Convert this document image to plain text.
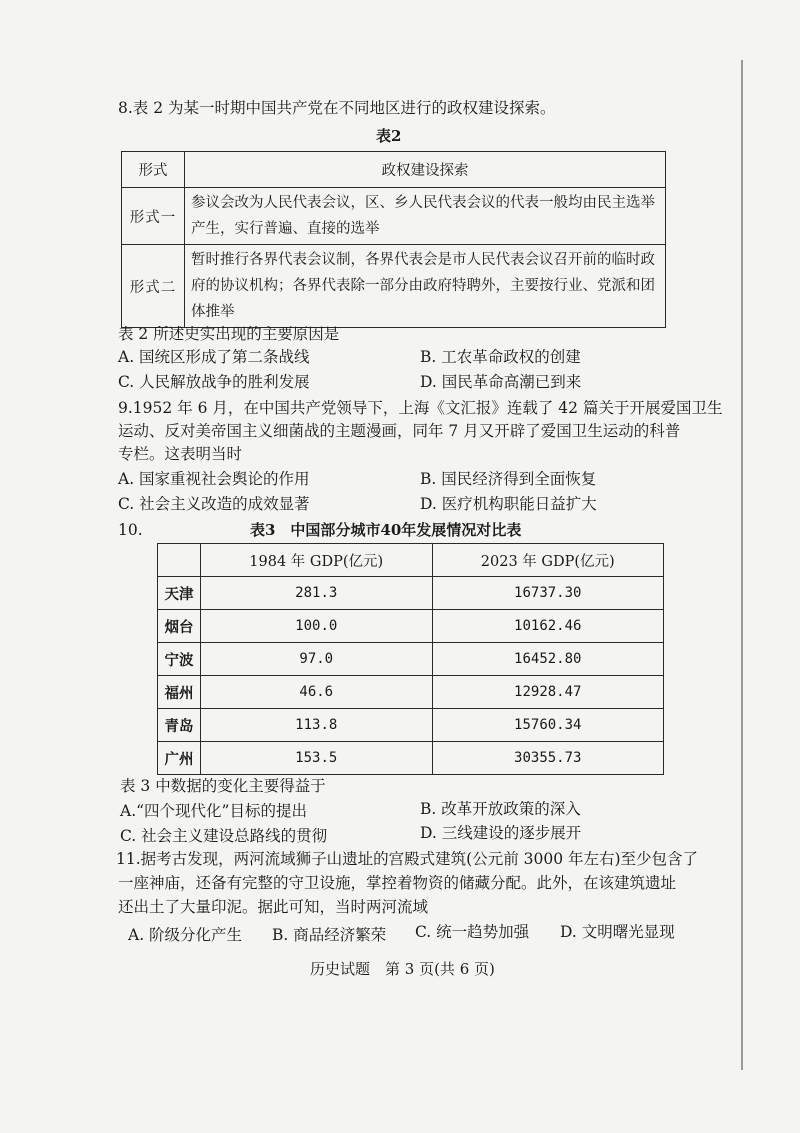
8.表 2 为某一时期中国共产党在不同地区进行的政权建设探索。
表2
形式	政权建设探索
形式一	参议会改为人民代表会议，区、乡人民代表会议的代表一般均由民主选举产生，实行普遍、直接的选举
形式二	暂时推行各界代表会议制，各界代表会是市人民代表会议召开前的临时政府的协议机构；各界代表除一部分由政府特聘外，主要按行业、党派和团体推举
表 2 所述史实出现的主要原因是
A. 国统区形成了第二条战线	B. 工农革命政权的创建
C. 人民解放战争的胜利发展	D. 国民革命高潮已到来
9.1952 年 6 月，在中国共产党领导下，上海《文汇报》连载了 42 篇关于开展爱国卫生
运动、反对美帝国主义细菌战的主题漫画，同年 7 月又开辟了爱国卫生运动的科普
专栏。这表明当时
A. 国家重视社会舆论的作用	B. 国民经济得到全面恢复
C. 社会主义改造的成效显著	D. 医疗机构职能日益扩大
10.	表3　中国部分城市40年发展情况对比表
	1984 年 GDP(亿元)	2023 年 GDP(亿元)
天津	281.3	16737.30
烟台	100.0	10162.46
宁波	97.0	16452.80
福州	46.6	12928.47
青岛	113.8	15760.34
广州	153.5	30355.73
表 3 中数据的变化主要得益于
A.“四个现代化”目标的提出	B. 改革开放政策的深入
C. 社会主义建设总路线的贯彻	D. 三线建设的逐步展开
11.据考古发现，两河流域狮子山遗址的宫殿式建筑(公元前 3000 年左右)至少包含了
一座神庙，还备有完整的守卫设施，掌控着物资的储藏分配。此外，在该建筑遗址
还出土了大量印泥。据此可知，当时两河流域
A. 阶级分化产生 B. 商品经济繁荣 C. 统一趋势加强 D. 文明曙光显现
历史试题　第 3 页(共 6 页)
